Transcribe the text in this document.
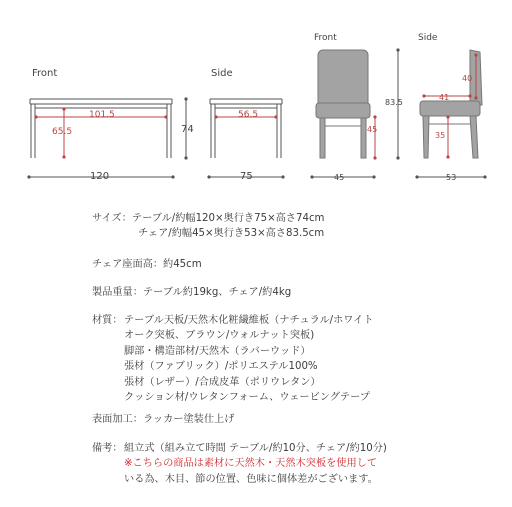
Front	Side
Front	Side
101.5
65.5
120
74
56.5
75
40
41
83.5
45
35
45	53
サイズ：テーブル/約幅120×奥行き75×高さ74cm
チェア/約幅45×奥行き53×高さ83.5cm
チェア座面高：約45cm
製品重量：テーブル約19kg、チェア/約4kg
材質： テーブル天板/天然木化粧繊維板（ナチュラル/ホワイト
オーク突板、ブラウン/ウォルナット突板)
脚部・構造部材/天然木（ラバーウッド）
張材（ファブリック）/ポリエステル100%
張材（レザー）/合成皮革（ポリウレタン）
クッション材/ウレタンフォーム、ウェービングテープ
表面加工：ラッカー塗装仕上げ
備考： 組立式（組み立て時間 テーブル/約10分、チェア/約10分)
※こちらの商品は素材に天然木・天然木突板を使用して
いる為、木目、節の位置、色味に個体差がございます。
